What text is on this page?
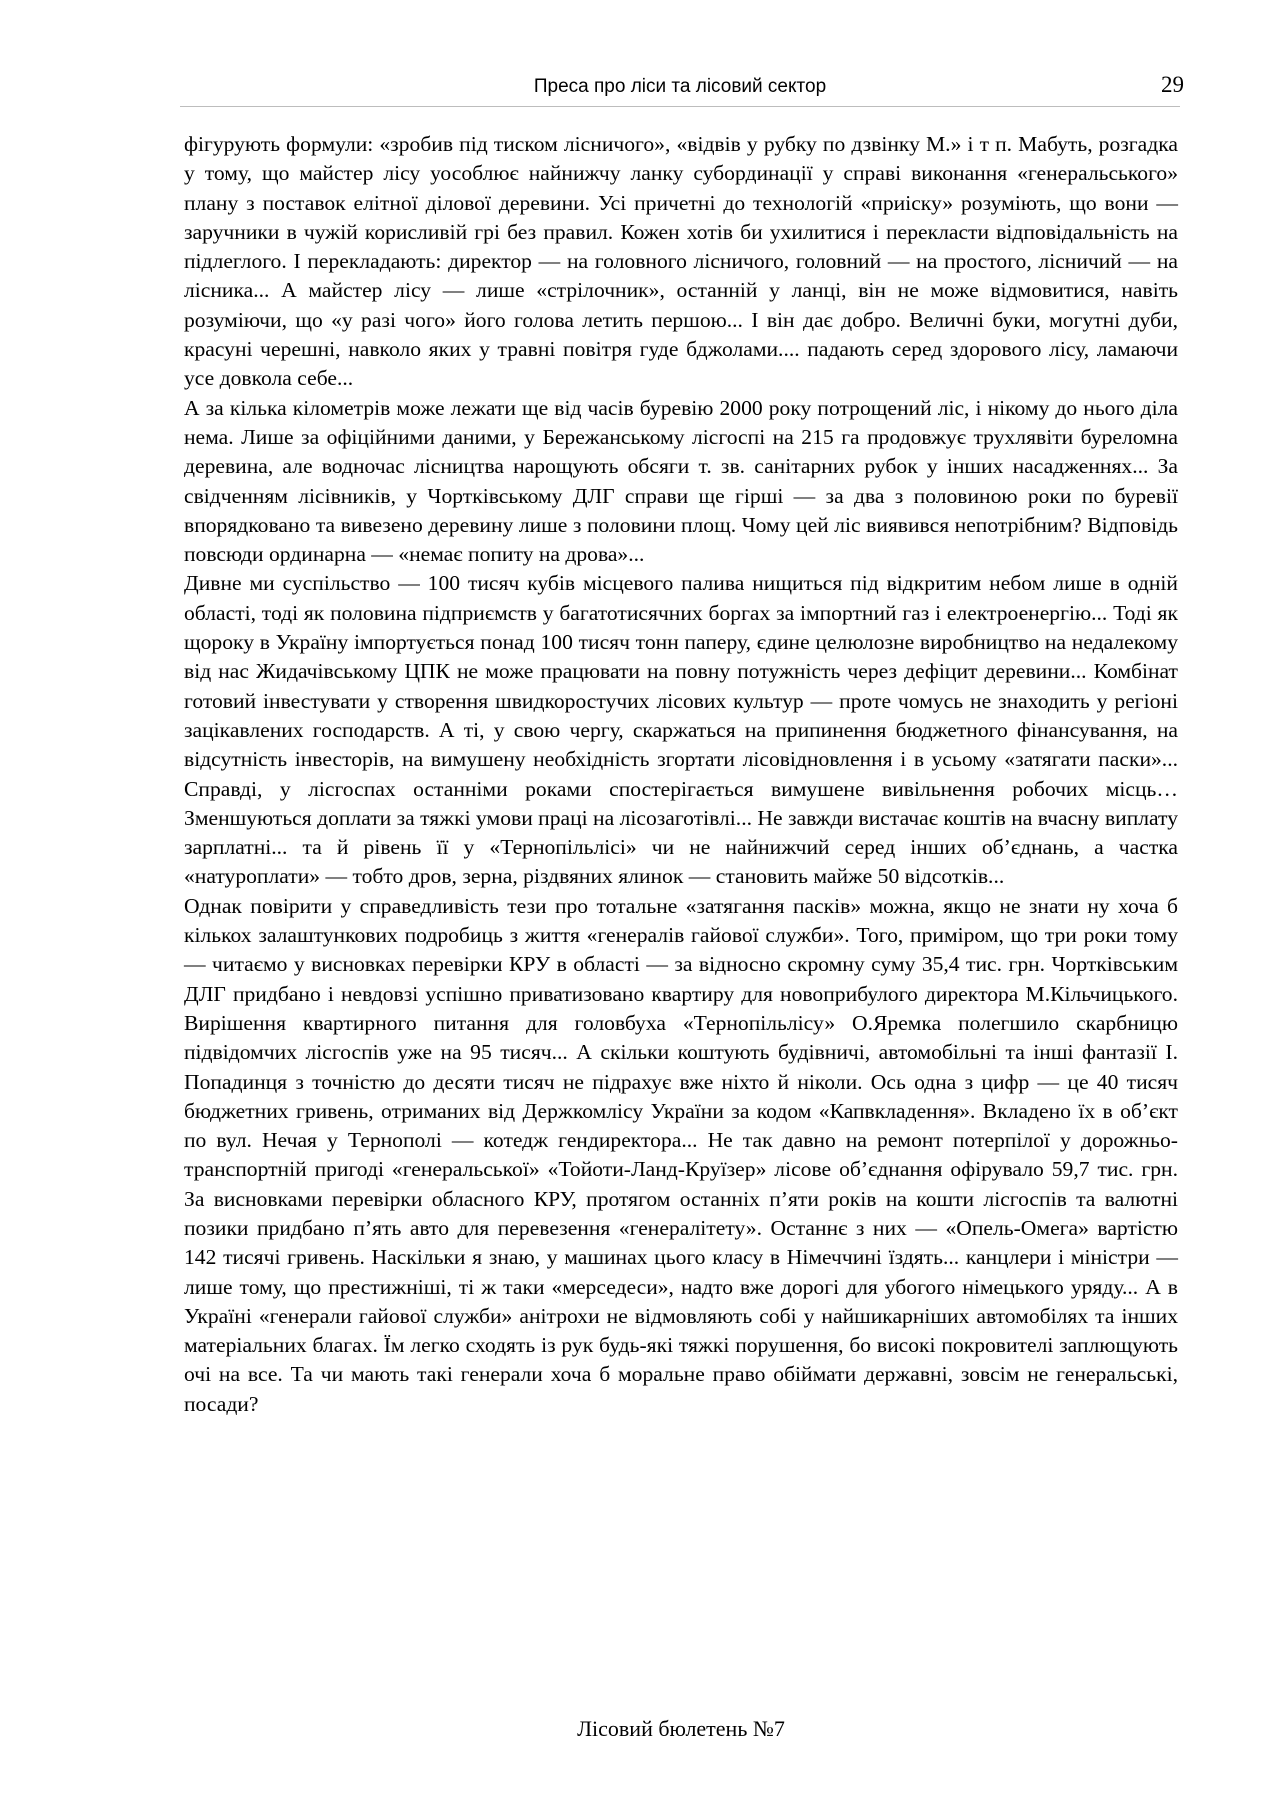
Преса про ліси та лісовий сектор	29

фігурують формули: «зробив під тиском лісничого», «відвів у рубку по дзвінку М.» і т п. Мабуть, розгадка у тому, що майстер лісу уособлює найнижчу ланку субординації у справі виконання «генеральського» плану з поставок елітної ділової деревини. Усі причетні до технологій «приіску» розуміють, що вони — заручники в чужій корисливій грі без правил. Кожен хотів би ухилитися і перекласти відповідальність на підлеглого. І перекладають: директор — на головного лісничого, головний — на простого, лісничий — на лісника... А майстер лісу — лише «стрілочник», останній у ланці, він не може відмовитися, навіть розуміючи, що «у разі чого» його голова летить першою... І він дає добро. Величні буки, могутні дуби, красуні черешні, навколо яких у травні повітря гуде бджолами.... падають серед здорового лісу, ламаючи усе довкола себе...

А за кілька кілометрів може лежати ще від часів буревію 2000 року потрощений ліс, і нікому до нього діла нема. Лише за офіційними даними, у Бережанському лісгоспі на 215 га продовжує трухлявіти буреломна деревина, але водночас лісництва нарощують обсяги т. зв. санітарних рубок у інших насадженнях... За свідченням лісівників, у Чортківському ДЛГ справи ще гірші — за два з половиною роки по буревії впорядковано та вивезено деревину лише з половини площ. Чому цей ліс виявився непотрібним? Відповідь повсюди ординарна — «немає попиту на дрова»...

Дивне ми суспільство — 100 тисяч кубів місцевого палива нищиться під відкритим небом лише в одній області, тоді як половина підприємств у багатотисячних боргах за імпортний газ і електроенергію... Тоді як щороку в Україну імпортується понад 100 тисяч тонн паперу, єдине целюлозне виробництво на недалекому від нас Жидачівському ЦПК не може працювати на повну потужність через дефіцит деревини... Комбінат готовий інвестувати у створення швидкоростучих лісових культур — проте чомусь не знаходить у регіоні зацікавлених господарств. А ті, у свою чергу, скаржаться на припинення бюджетного фінансування, на відсутність інвесторів, на вимушену необхідність згортати лісовідновлення і в усьому «затягати паски»... Справді, у лісгоспах останніми роками спостерігається вимушене вивільнення робочих місць… Зменшуються доплати за тяжкі умови праці на лісозаготівлі... Не завжди вистачає коштів на вчасну виплату зарплатні... та й рівень її у «Тернопільлісі» чи не найнижчий серед інших об’єднань, а частка «натуроплати» — тобто дров, зерна, різдвяних ялинок — становить майже 50 відсотків...

Однак повірити у справедливість тези про тотальне «затягання пасків» можна, якщо не знати ну хоча б кількох залаштункових подробиць з життя «генералів гайової служби». Того, приміром, що три роки тому — читаємо у висновках перевірки КРУ в області — за відносно скромну суму 35,4 тис. грн. Чортківським ДЛГ придбано і невдовзі успішно приватизовано квартиру для новоприбулого директора М.Кільчицького. Вирішення квартирного питання для головбуха «Тернопільлісу» О.Яремка полегшило скарбницю підвідомчих лісгоспів уже на 95 тисяч... А скільки коштують будівничі, автомобільні та інші фантазії І. Попадинця з точністю до десяти тисяч не підрахує вже ніхто й ніколи. Ось одна з цифр — це 40 тисяч бюджетних гривень, отриманих від Держкомлісу України за кодом «Капвкладення». Вкладено їх в об’єкт по вул. Нечая у Тернополі — котедж гендиректора... Не так давно на ремонт потерпілої у дорожньо-транспортній пригоді «генеральської» «Тойоти-Ланд-Круїзер» лісове об’єднання офірувало 59,7 тис. грн. За висновками перевірки обласного КРУ, протягом останніх п’яти років на кошти лісгоспів та валютні позики придбано п’ять авто для перевезення «генералітету». Останнє з них — «Опель-Омега» вартістю 142 тисячі гривень. Наскільки я знаю, у машинах цього класу в Німеччині їздять... канцлери і міністри — лише тому, що престижніші, ті ж таки «мерседеси», надто вже дорогі для убогого німецького уряду... А в Україні «генерали гайової служби» анітрохи не відмовляють собі у найшикарніших автомобілях та інших матеріальних благах. Їм легко сходять із рук будь-які тяжкі порушення, бо високі покровителі заплющують очі на все. Та чи мають такі генерали хоча б моральне право обіймати державні, зовсім не генеральські, посади?

Лісовий бюлетень №7
